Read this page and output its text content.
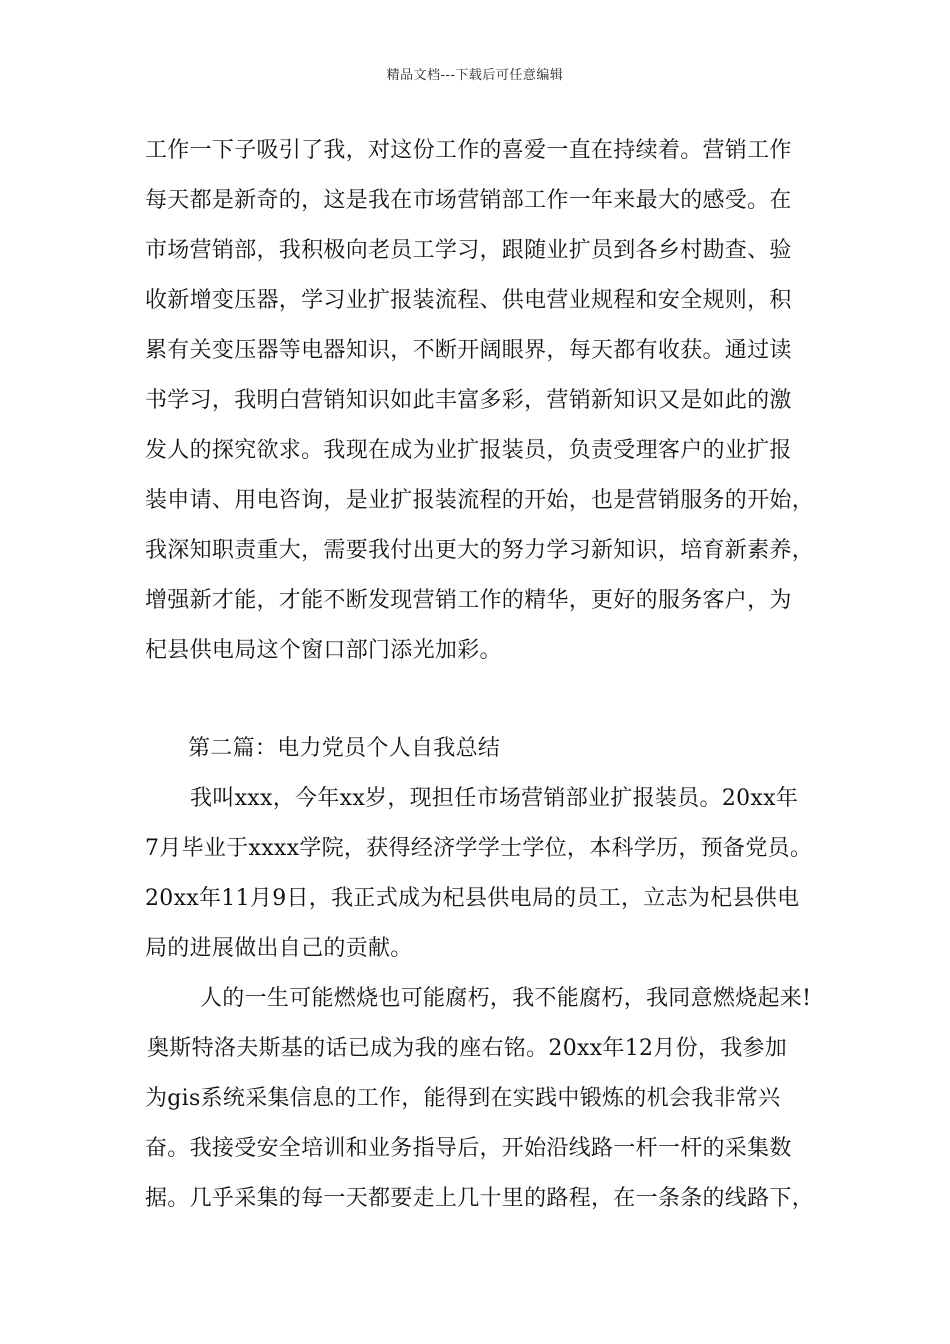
精品文档---下载后可任意编辑
工作一下子吸引了我，对这份工作的喜爱一直在持续着。营销工作
每天都是新奇的，这是我在市场营销部工作一年来最大的感受。在
市场营销部，我积极向老员工学习，跟随业扩员到各乡村勘查、验
收新增变压器，学习业扩报装流程、供电营业规程和安全规则，积
累有关变压器等电器知识，不断开阔眼界，每天都有收获。通过读
书学习，我明白营销知识如此丰富多彩，营销新知识又是如此的激
发人的探究欲求。我现在成为业扩报装员，负责受理客户的业扩报
装申请、用电咨询，是业扩报装流程的开始，也是营销服务的开始，
我深知职责重大，需要我付出更大的努力学习新知识，培育新素养，
增强新才能，才能不断发现营销工作的精华，更好的服务客户，为
杞县供电局这个窗口部门添光加彩。
第二篇：电力党员个人自我总结
我叫xxx，今年xx岁，现担任市场营销部业扩报装员。20xx年
7月毕业于xxxx学院，获得经济学学士学位，本科学历，预备党员。
20xx年11月9日，我正式成为杞县供电局的员工，立志为杞县供电
局的进展做出自己的贡献。
人的一生可能燃烧也可能腐朽，我不能腐朽，我同意燃烧起来!
奥斯特洛夫斯基的话已成为我的座右铭。20xx年12月份，我参加
为gis系统采集信息的工作，能得到在实践中锻炼的机会我非常兴
奋。我接受安全培训和业务指导后，开始沿线路一杆一杆的采集数
据。几乎采集的每一天都要走上几十里的路程，在一条条的线路下，
